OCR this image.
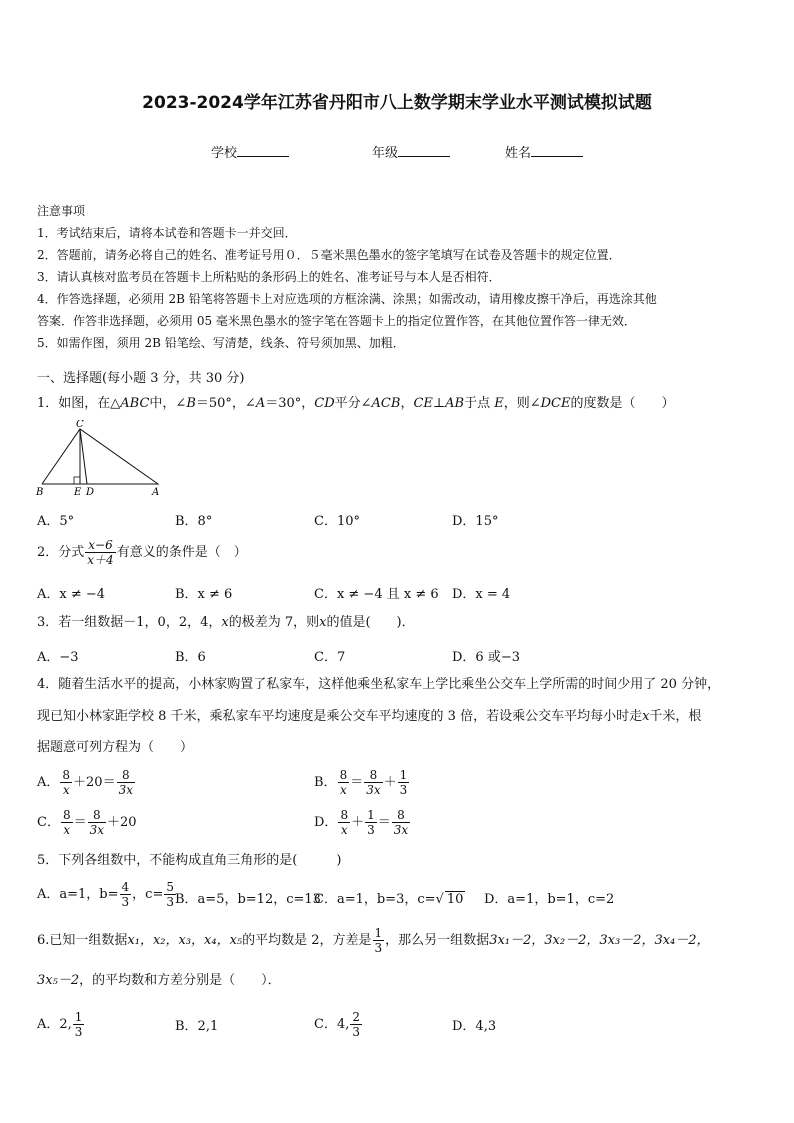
2023-2024学年江苏省丹阳市八上数学期末学业水平测试模拟试题
学校	年级	姓名
注意事项
1．考试结束后，请将本试卷和答题卡一并交回．
2．答题前，请务必将自己的姓名、准考证号用０．５毫米黑色墨水的签字笔填写在试卷及答题卡的规定位置．
3．请认真核对监考员在答题卡上所粘贴的条形码上的姓名、准考证号与本人是否相符．
4．作答选择题，必须用 2B 铅笔将答题卡上对应选项的方框涂满、涂黑；如需改动，请用橡皮擦干净后，再选涂其他
答案．作答非选择题，必须用 05 毫米黑色墨水的签字笔在答题卡上的指定位置作答，在其他位置作答一律无效．
5．如需作图，须用 2B 铅笔绘、写清楚，线条、符号须加黑、加粗．
一、选择题(每小题 3 分，共 30 分)
1．如图，在△ABC中，∠B＝50°，∠A＝30°，CD平分∠ACB，CE⊥AB于点 E，则∠DCE的度数是（　　）
C
B	E D	A
A．5°	B．8°	C．10°	D．15°
2．分式 $\frac{x-6}{x+4}$ 有意义的条件是（　）
A．x ≠ −4	B．x ≠ 6	C．x ≠ −4 且 x ≠ 6 D．x = 4
3．若一组数据－1，0，2，4，x的极差为 7，则x的值是(　　)．
A．−3	B．6	C．7	D．6 或−3
4．随着生活水平的提高，小林家购置了私家车，这样他乘坐私家车上学比乘坐公交车上学所需的时间少用了 20 分钟，
现已知小林家距学校 8 千米，乘私家车平均速度是乘公交车平均速度的 3 倍，若设乘公交车平均每小时走x千米，根
据题意可列方程为（　　）
A． $\frac{8}{x} +20= \frac{8}{3x}$	B． $\frac{8}{x} = \frac{8}{3x} + \frac{1}{3}$
C． $\frac{8}{x} = \frac{8}{3x} +20$	D． $\frac{8}{x} + \frac{1}{3} = \frac{8}{3x}$
5．下列各组数中，不能构成直角三角形的是(　　　)
A．a=1，$b= \frac{4}{3}$ ，$c= \frac{5}{3}$ B．a=5，b=12，c=13
C．a=1，b=3，c=√ 10 D．a=1，b=1，c=2
6.已知一组数据x₁，x₂，x₃，x₄，x₅的平均数是 2，方差是 $\frac{1}{3}$ ，那么另一组数据3x₁－2，3x₂－2，3x₃－2，3x₄－2，
3x₅－2，的平均数和方差分别是（　　）．
A．2, $\frac{1}{3}$	B．2,1	C．4, $\frac{2}{3}$	D．4,3
